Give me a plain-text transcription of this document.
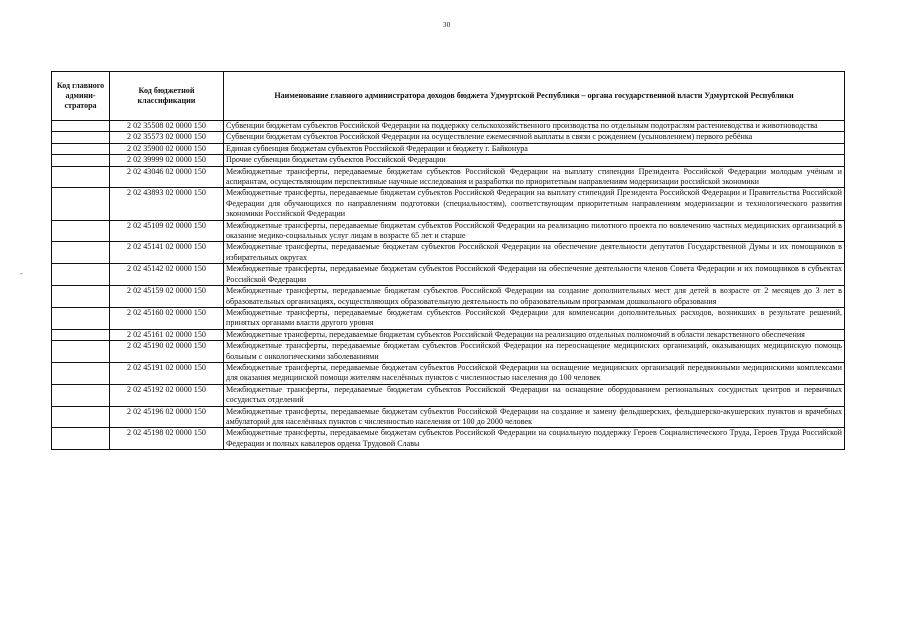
30
-
Код главного админи-стратора	Код бюджетной классификации	Наименование главного администратора доходов бюджета Удмуртской Республики – органа государственной власти Удмуртской Республики
	2 02 35508 02 0000 150	Субвенции бюджетам субъектов Российской Федерации на поддержку сельскохозяйственного производства по отдельным подотраслям растениеводства и животноводства
	2 02 35573 02 0000 150	Субвенции бюджетам субъектов Российской Федерации на осуществление ежемесячной выплаты в связи с рождением (усыновлением) первого ребёнка
	2 02 35900 02 0000 150	Единая субвенция бюджетам субъектов Российской Федерации и бюджету г. Байконура
	2 02 39999 02 0000 150	Прочие субвенции бюджетам субъектов Российской Федерации
	2 02 43046 02 0000 150	Межбюджетные трансферты, передаваемые бюджетам субъектов Российской Федерации на выплату стипендии Президента Российской Федерации молодым учёным и аспирантам, осуществляющим перспективные научные исследования и разработки по приоритетным направлениям модернизации российской экономики
	2 02 43893 02 0000 150	Межбюджетные трансферты, передаваемые бюджетам субъектов Российской Федерации на выплату стипендий Президента Российской Федерации и Правительства Российской Федерации для обучающихся по направлениям подготовки (специальностям), соответствующим приоритетным направлениям модернизации и технологического развития экономики Российской Федерации
	2 02 45109 02 0000 150	Межбюджетные трансферты, передаваемые бюджетам субъектов Российской Федерации на реализацию пилотного проекта по вовлечению частных медицинских организаций в оказание медико-социальных услуг лицам в возрасте 65 лет и старше
	2 02 45141 02 0000 150	Межбюджетные трансферты, передаваемые бюджетам субъектов Российской Федерации на обеспечение деятельности депутатов Государственной Думы и их помощников в избирательных округах
	2 02 45142 02 0000 150	Межбюджетные трансферты, передаваемые бюджетам субъектов Российской Федерации на обеспечение деятельности членов Совета Федерации и их помощников в субъектах Российской Федерации
	2 02 45159 02 0000 150	Межбюджетные трансферты, передаваемые бюджетам субъектов Российской Федерации на создание дополнительных мест для детей в возрасте от 2 месяцев до 3 лет в образовательных организациях, осуществляющих образовательную деятельность по образовательным программам дошкольного образования
	2 02 45160 02 0000 150	Межбюджетные трансферты, передаваемые бюджетам субъектов Российской Федерации для компенсации дополнительных расходов, возникших в результате решений, принятых органами власти другого уровня
	2 02 45161 02 0000 150	Межбюджетные трансферты, передаваемые бюджетам субъектов Российской Федерации на реализацию отдельных полномочий в области лекарственного обеспечения
	2 02 45190 02 0000 150	Межбюджетные трансферты, передаваемые бюджетам субъектов Российской Федерации на переоснащение медицинских организаций, оказывающих медицинскую помощь больным с онкологическими заболеваниями
	2 02 45191 02 0000 150	Межбюджетные трансферты, передаваемые бюджетам субъектов Российской Федерации на оснащение медицинских организаций передвижными медицинскими комплексами для оказания медицинской помощи жителям населённых пунктов с численностью населения до 100 человек
	2 02 45192 02 0000 150	Межбюджетные трансферты, передаваемые бюджетам субъектов Российской Федерации на оснащение оборудованием региональных сосудистых центров и первичных сосудистых отделений
	2 02 45196 02 0000 150	Межбюджетные трансферты, передаваемые бюджетам субъектов Российской Федерации на создание и замену фельдшерских, фельдшерско-акушерских пунктов и врачебных амбулаторий для населённых пунктов с численностью населения от 100 до 2000 человек
	2 02 45198 02 0000 150	Межбюджетные трансферты, передаваемые бюджетам субъектов Российской Федерации на социальную поддержку Героев Социалистического Труда, Героев Труда Российской Федерации и полных кавалеров ордена Трудовой Славы
